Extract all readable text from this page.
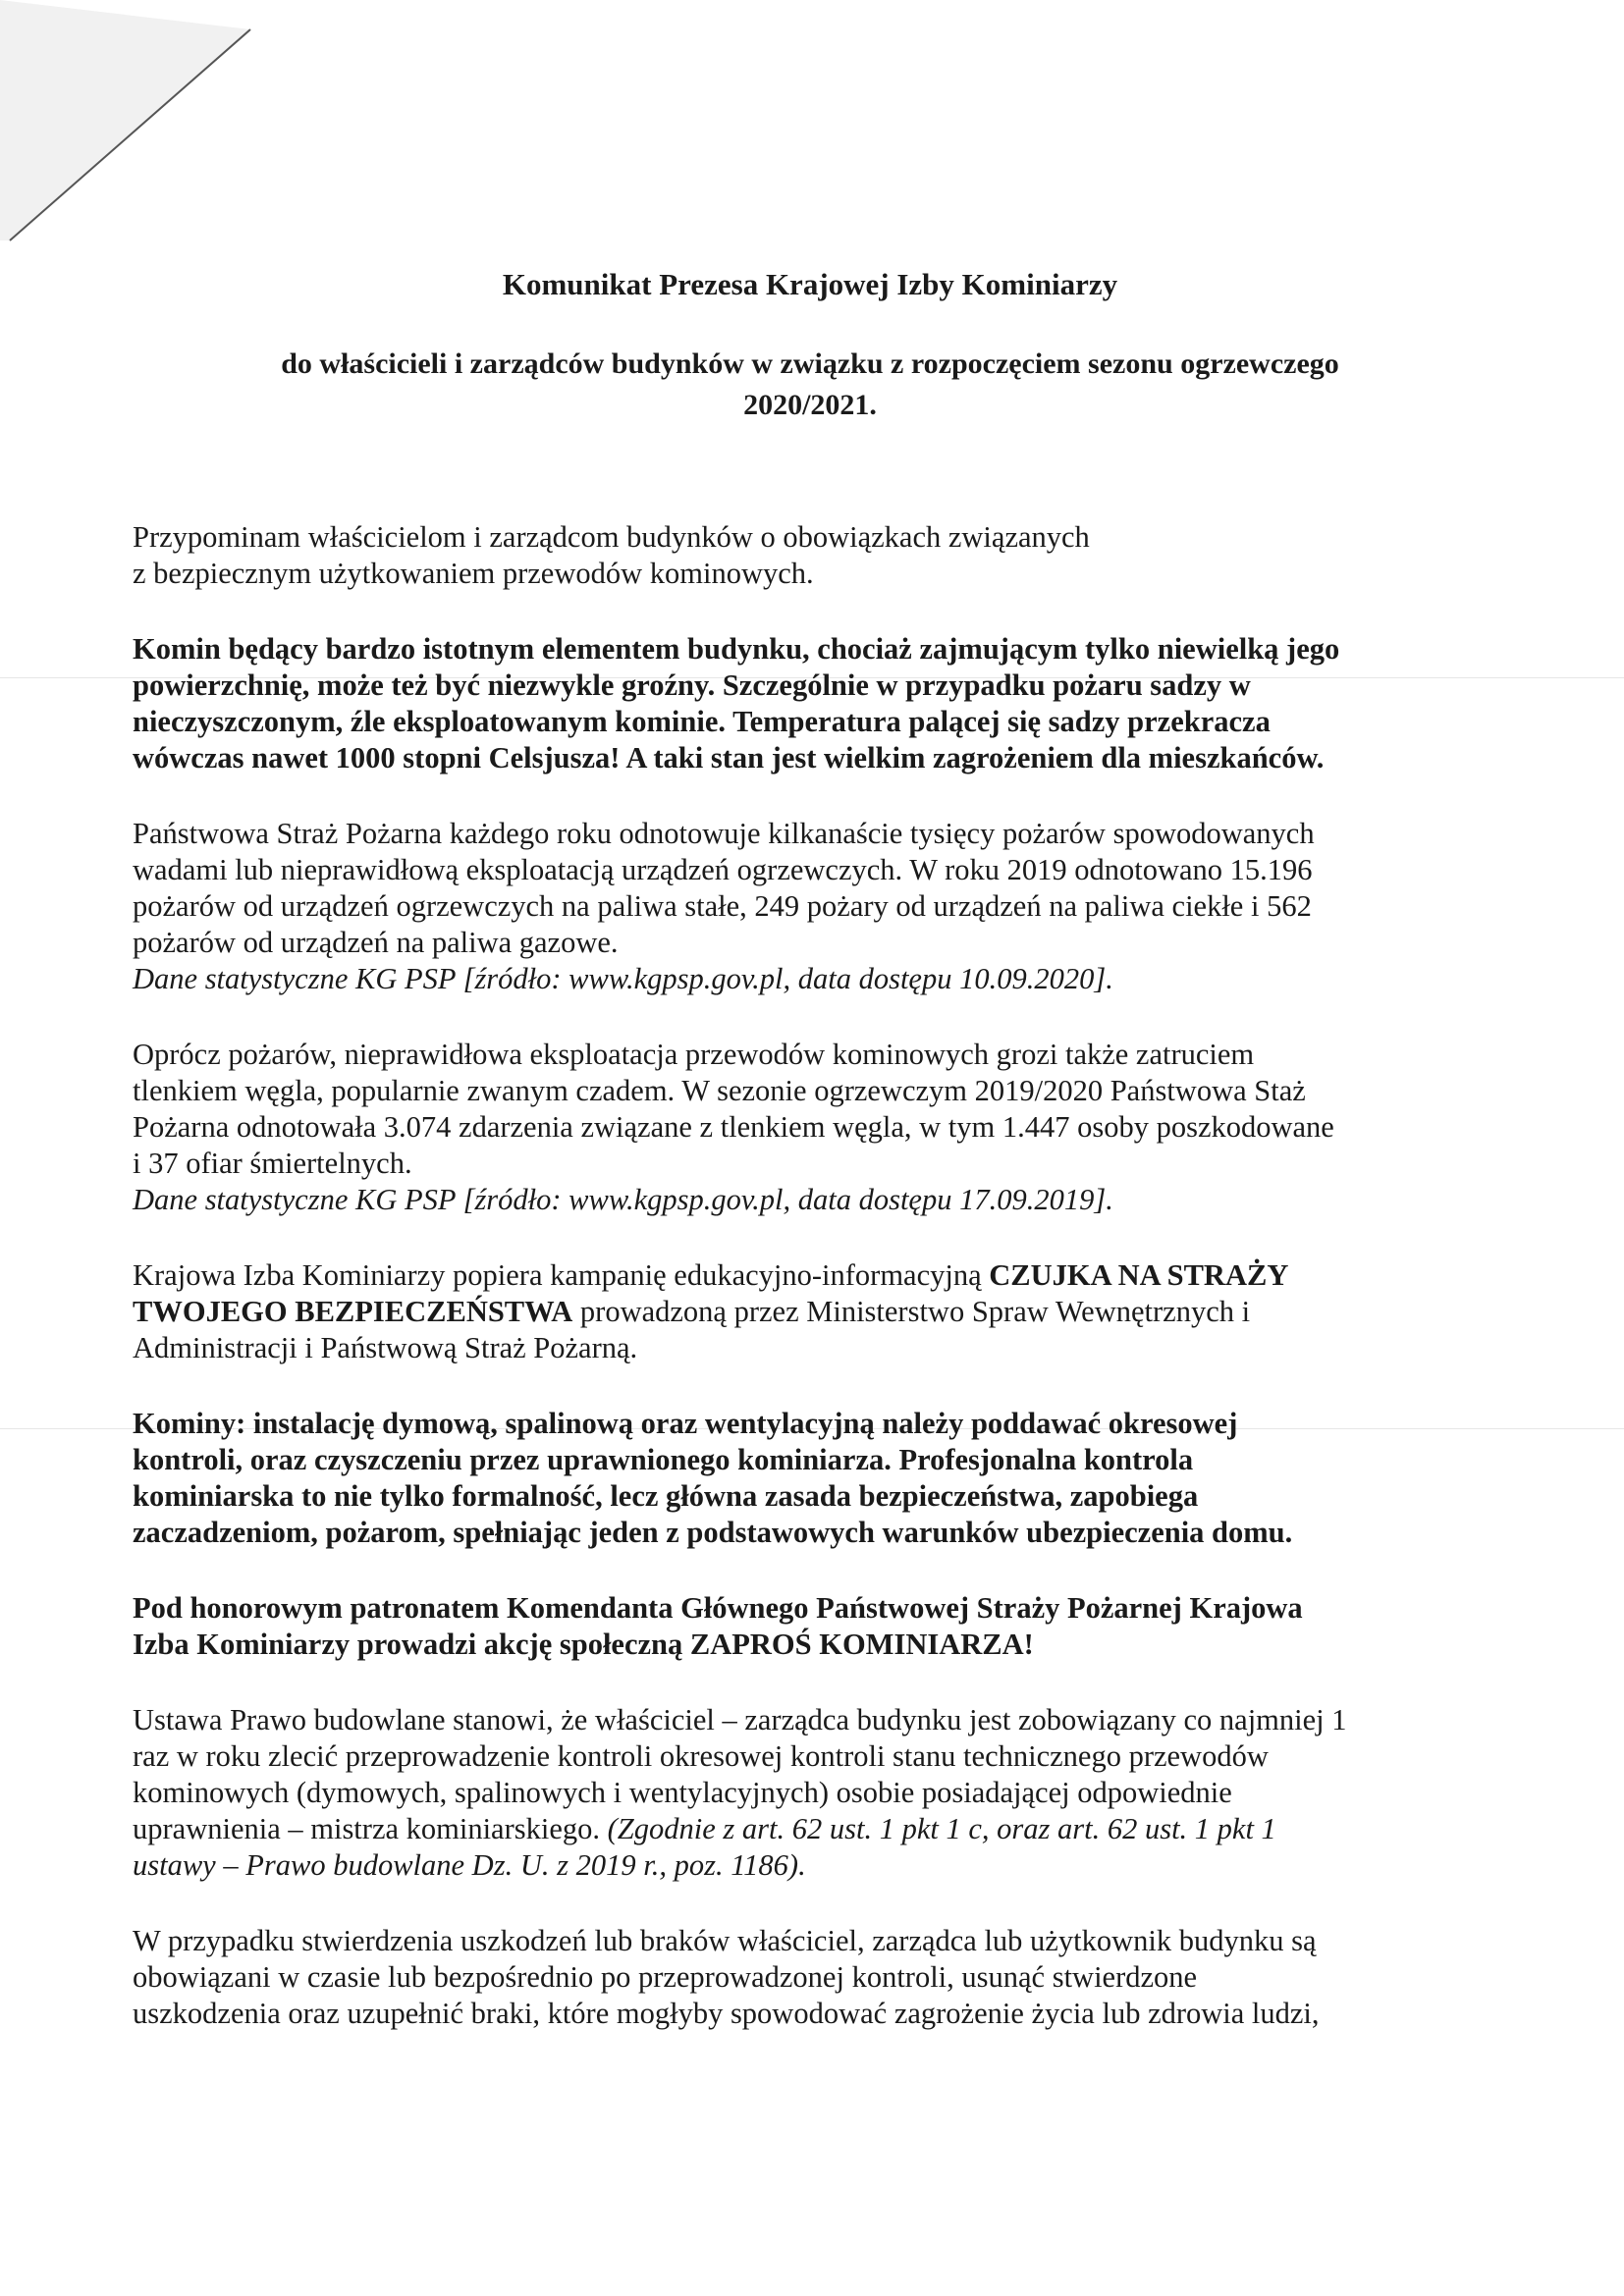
Komunikat Prezesa Krajowej Izby Kominiarzy
do właścicieli i zarządców budynków w związku z rozpoczęciem sezonu ogrzewczego
2020/2021.
Przypominam właścicielom i zarządcom budynków o obowiązkach związanych
z bezpiecznym użytkowaniem przewodów kominowych.
Komin będący bardzo istotnym elementem budynku, chociaż zajmującym tylko niewielką jego
powierzchnię, może też być niezwykle groźny. Szczególnie w przypadku pożaru sadzy w
nieczyszczonym, źle eksploatowanym kominie. Temperatura palącej się sadzy przekracza
wówczas nawet 1000 stopni Celsjusza! A taki stan jest wielkim zagrożeniem dla mieszkańców.
Państwowa Straż Pożarna każdego roku odnotowuje kilkanaście tysięcy pożarów spowodowanych
wadami lub nieprawidłową eksploatacją urządzeń ogrzewczych. W roku 2019 odnotowano 15.196
pożarów od urządzeń ogrzewczych na paliwa stałe, 249 pożary od urządzeń na paliwa ciekłe i 562
pożarów od urządzeń na paliwa gazowe.
Dane statystyczne KG PSP [źródło: www.kgpsp.gov.pl, data dostępu 10.09.2020].
Oprócz pożarów, nieprawidłowa eksploatacja przewodów kominowych grozi także zatruciem
tlenkiem węgla, popularnie zwanym czadem. W sezonie ogrzewczym 2019/2020 Państwowa Staż
Pożarna odnotowała 3.074 zdarzenia związane z tlenkiem węgla, w tym 1.447 osoby poszkodowane
i 37 ofiar śmiertelnych.
Dane statystyczne KG PSP [źródło: www.kgpsp.gov.pl, data dostępu 17.09.2019].
Krajowa Izba Kominiarzy popiera kampanię edukacyjno-informacyjną CZUJKA NA STRAŻY
TWOJEGO BEZPIECZEŃSTWA prowadzoną przez Ministerstwo Spraw Wewnętrznych i
Administracji i Państwową Straż Pożarną.
Kominy: instalację dymową, spalinową oraz wentylacyjną należy poddawać okresowej
kontroli, oraz czyszczeniu przez uprawnionego kominiarza. Profesjonalna kontrola
kominiarska to nie tylko formalność, lecz główna zasada bezpieczeństwa, zapobiega
zaczadzeniom, pożarom, spełniając jeden z podstawowych warunków ubezpieczenia domu.
Pod honorowym patronatem Komendanta Głównego Państwowej Straży Pożarnej Krajowa
Izba Kominiarzy prowadzi akcję społeczną ZAPROŚ KOMINIARZA!
Ustawa Prawo budowlane stanowi, że właściciel – zarządca budynku jest zobowiązany co najmniej 1
raz w roku zlecić przeprowadzenie kontroli okresowej kontroli stanu technicznego przewodów
kominowych (dymowych, spalinowych i wentylacyjnych) osobie posiadającej odpowiednie
uprawnienia – mistrza kominiarskiego. (Zgodnie z art. 62 ust. 1 pkt 1 c, oraz art. 62 ust. 1 pkt 1
ustawy – Prawo budowlane Dz. U. z 2019 r., poz. 1186).
W przypadku stwierdzenia uszkodzeń lub braków właściciel, zarządca lub użytkownik budynku są
obowiązani w czasie lub bezpośrednio po przeprowadzonej kontroli, usunąć stwierdzone
uszkodzenia oraz uzupełnić braki, które mogłyby spowodować zagrożenie życia lub zdrowia ludzi,
